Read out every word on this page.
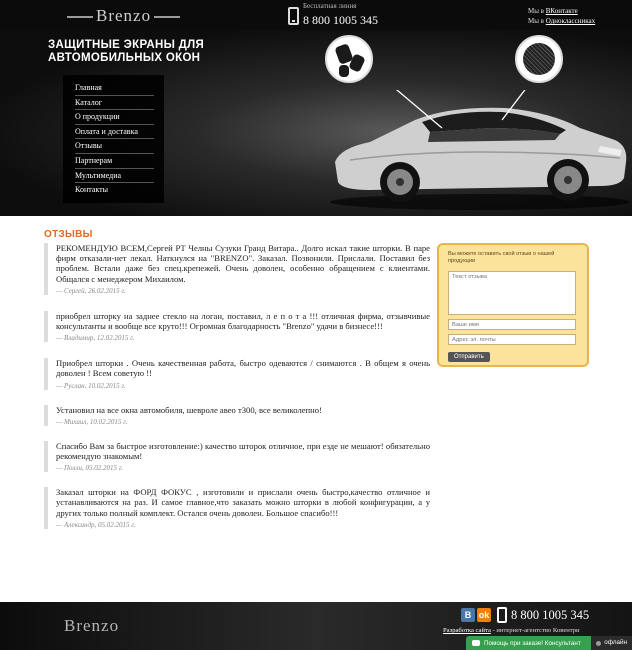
Brenzo	Бесплатная линия
8 800 1005 345
Мы в ВКонтакте
Мы в Одноклассниках
ЗАЩИТНЫЕ ЭКРАНЫ ДЛЯ
АВТОМОБИЛЬНЫХ ОКОН
Главная
Каталог
О продукции
Оплата и доставка
Отзывы
Партнерам
Мультимедиа
Контакты
ОТЗЫВЫ

РЕКОМЕНДУЮ ВСЕМ,Сергей РТ Челны Сузуки Гранд Витара.. Долго искал такие шторки. В паре фирм отказали-нет лекал. Наткнулся на "BRENZO". Заказал. Позвонили. Прислали. Поставил без проблем. Встали даже без спец.крепежей. Очень доволен, особенно обращением с клиентами. Общался с менеджером Михаилом.

— Сергей, 26.02.2015 г.

приобрел шторку на заднее стекло на логан, поставил, л е п о т а !!! отличная фирма, отзывчивые консультанты и вообще все круто!!! Огромная благодарность "Brenzo" удачи в бизнесе!!!

— Владимир, 12.02.2015 г.

Приобрел шторки . Очень качественная работа, быстро одеваются / снимаются . В общем я очень доволен ! Всем советую !!

— Руслан, 10.02.2015 г.

Установил на все окна автомобиля, шевроле авео т300, все великолепно!

— Михаил, 10.02.2015 г.

Спасибо Вам за быстрое изготовление:) качество шторок отличное, при езде не мешают! обязательно рекомендую знакомым!

— Полли, 05.02.2015 г.

Заказал шторки на ФОРД ФОКУС , изготовили и прислали очень быстро,качество отличное и устанавливаются на раз. И самое главное,что заказать можно шторки в любой конфигурации, а у других только полный комплект. Остался очень доволен. Большое спасибо!!!

— Александр, 05.02.2015 г.

Вы можете оставить свой отзыв о нашей продукции

Текст отзыва
Ваше имя
Адрес эл. почты Отправить
Brenzo
В ok 8 800 1005 345
Разработка сайта - интернет-агентство Ковентри
Помощь при заказе! Консультант	офлайн
